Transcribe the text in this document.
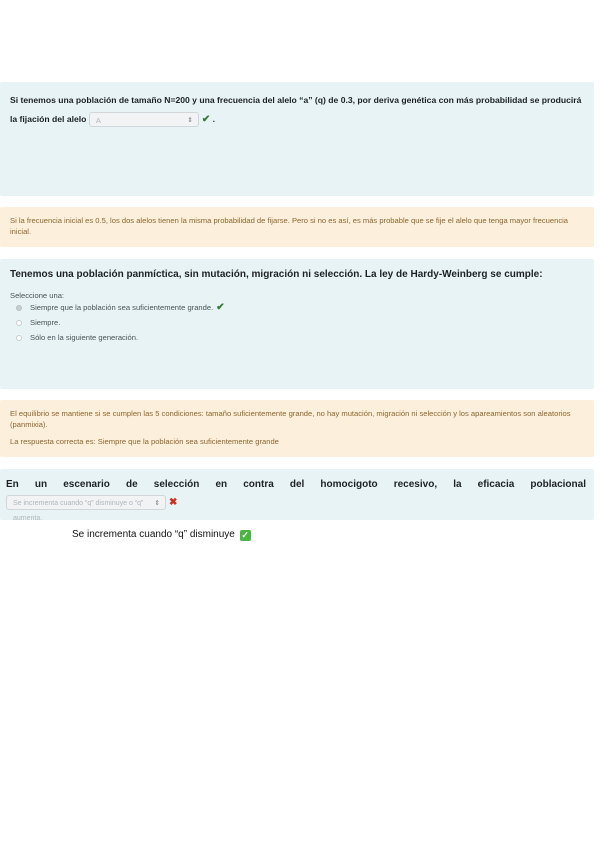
Si tenemos una población de tamaño N=200 y una frecuencia del alelo “a” (q) de 0.3, por deriva genética con más probabilidad se producirá la fijación del alelo A	⇕ ✔ .
Si la frecuencia inicial es 0.5, los dos alelos tienen la misma probabilidad de fijarse. Pero si no es así, es más probable que se fije el alelo que tenga mayor frecuencia inicial.
Tenemos una población panmíctica, sin mutación, migración ni selección. La ley de Hardy-Weinberg se cumple:
Seleccione una:
Siempre que la población sea suficientemente grande. ✔
Siempre.
Sólo en la siguiente generación.
El equilibrio se mantiene si se cumplen las 5 condiciones: tamaño suficientemente grande, no hay mutación, migración ni selección y los apareamientos son aleatorios (panmixia).
La respuesta correcta es: Siempre que la población sea suficientemente grande
En un escenario de selección en contra del homocigoto recesivo, la eficacia poblacional
Se incrementa cuando “q” disminuye o “q” aumenta.
⇕ ✖
Se incrementa cuando “q” disminuye ✓
